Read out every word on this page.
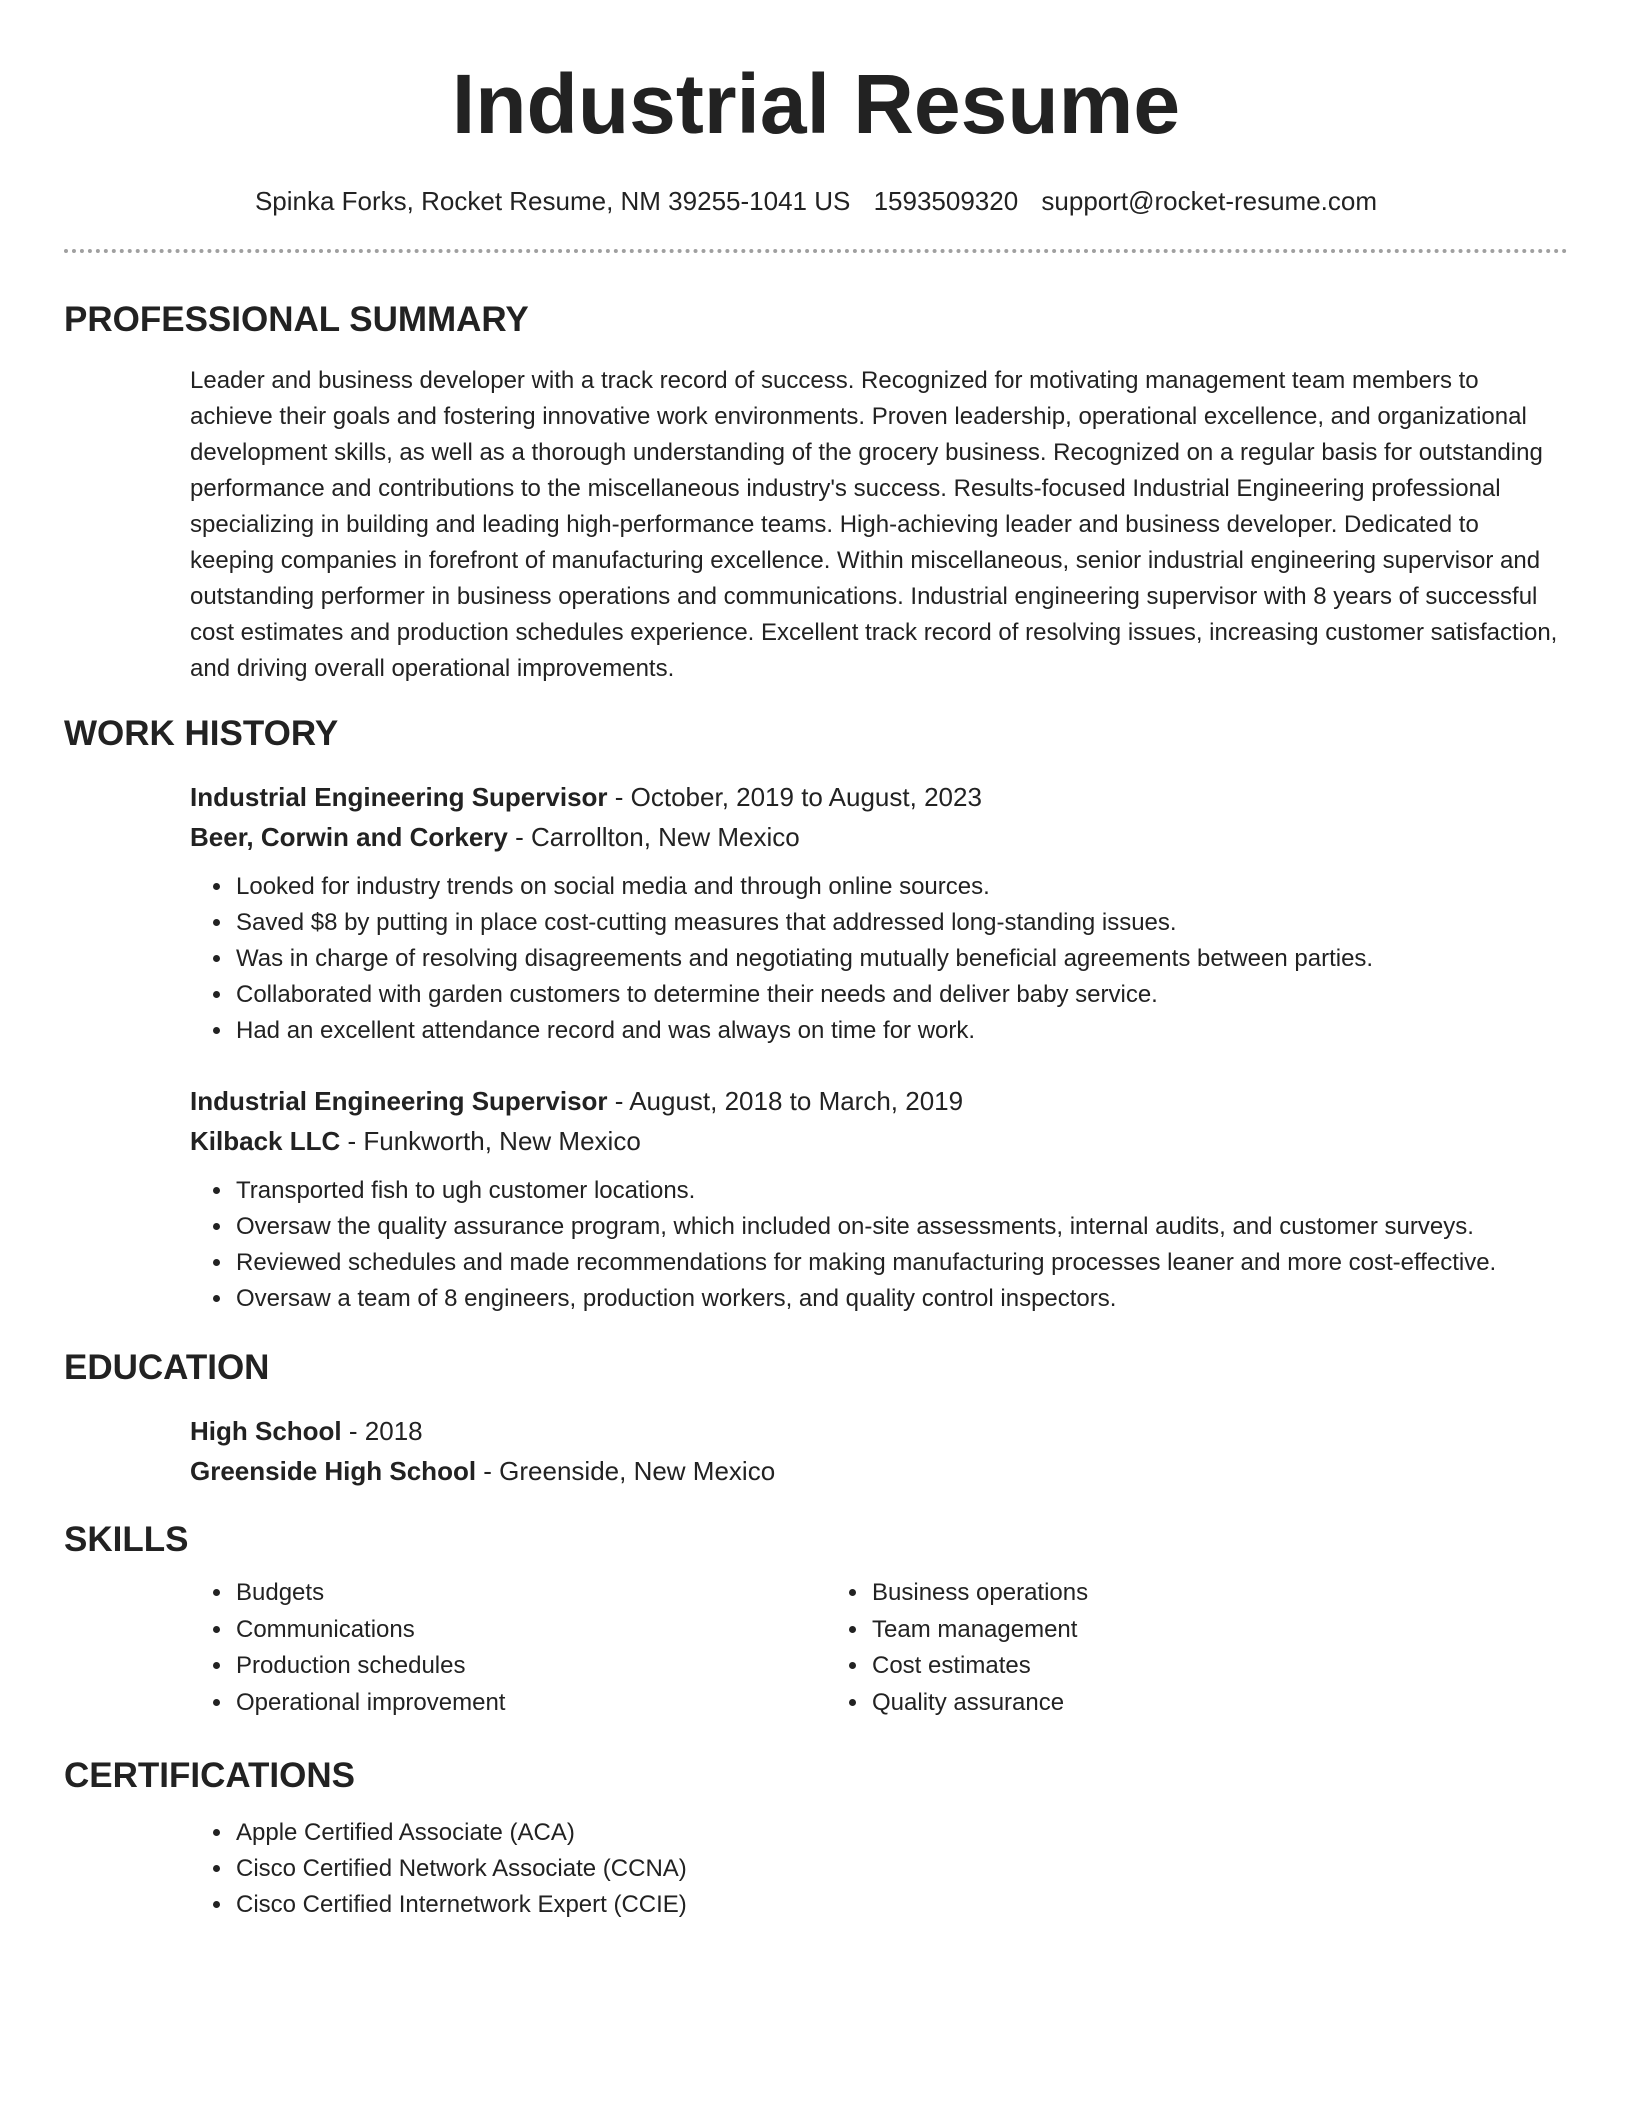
Industrial Resume
Spinka Forks, Rocket Resume, NM 39255-1041 US 1593509320 support@rocket-resume.com
PROFESSIONAL SUMMARY

Leader and business developer with a track record of success. Recognized for motivating management team members to achieve their goals and fostering innovative work environments. Proven leadership, operational excellence, and organizational development skills, as well as a thorough understanding of the grocery business. Recognized on a regular basis for outstanding performance and contributions to the miscellaneous industry's success. Results-focused Industrial Engineering professional specializing in building and leading high-performance teams. High-achieving leader and business developer. Dedicated to keeping companies in forefront of manufacturing excellence. Within miscellaneous, senior industrial engineering supervisor and outstanding performer in business operations and communications. Industrial engineering supervisor with 8 years of successful cost estimates and production schedules experience. Excellent track record of resolving issues, increasing customer satisfaction, and driving overall operational improvements.

WORK HISTORY

Industrial Engineering Supervisor - October, 2019 to August, 2023

Beer, Corwin and Corkery - Carrollton, New Mexico

• Looked for industry trends on social media and through online sources.
• Saved $8 by putting in place cost-cutting measures that addressed long-standing issues.
• Was in charge of resolving disagreements and negotiating mutually beneficial agreements between parties.
• Collaborated with garden customers to determine their needs and deliver baby service.
• Had an excellent attendance record and was always on time for work.

Industrial Engineering Supervisor - August, 2018 to March, 2019

Kilback LLC - Funkworth, New Mexico

• Transported fish to ugh customer locations.
• Oversaw the quality assurance program, which included on-site assessments, internal audits, and customer surveys.
• Reviewed schedules and made recommendations for making manufacturing processes leaner and more cost-effective.
• Oversaw a team of 8 engineers, production workers, and quality control inspectors.
EDUCATION

High School - 2018

Greenside High School - Greenside, New Mexico

SKILLS
• Budgets
• Communications
• Production schedules
• Operational improvement
• Business operations
• Team management
• Cost estimates
• Quality assurance
CERTIFICATIONS
• Apple Certified Associate (ACA)
• Cisco Certified Network Associate (CCNA)
• Cisco Certified Internetwork Expert (CCIE)
